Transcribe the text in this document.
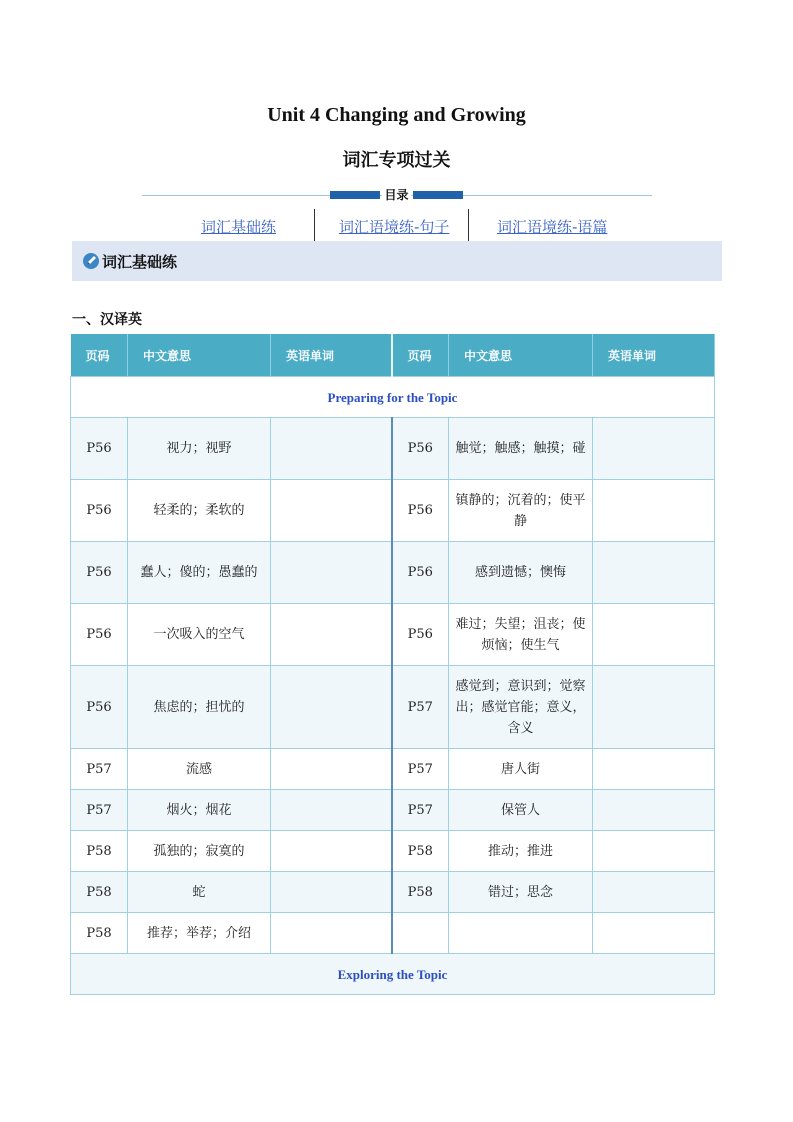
Unit 4 Changing and Growing
词汇专项过关
目录
词汇基础练	词汇语境练-句子	词汇语境练-语篇
词汇基础练
一、汉译英
页码	中文意思	英语单词	页码	中文意思	英语单词
Preparing for the Topic					
P56	视力；视野		P56	触觉；触感；触摸；碰	
P56	轻柔的；柔软的		P56	镇静的；沉着的；使平静	
P56	蠢人；傻的；愚蠢的		P56	感到遗憾；懊悔	
P56	一次吸入的空气		P56	难过；失望；沮丧；使烦恼；使生气	
P56	焦虑的；担忧的		P57	感觉到；意识到；觉察出；感觉官能；意义，含义	
P57	流感		P57	唐人街	
P57	烟火；烟花		P57	保管人	
P58	孤独的；寂寞的		P58	推动；推进	
P58	蛇		P58	错过；思念	
P58	推荐；举荐；介绍				
Exploring the Topic					
